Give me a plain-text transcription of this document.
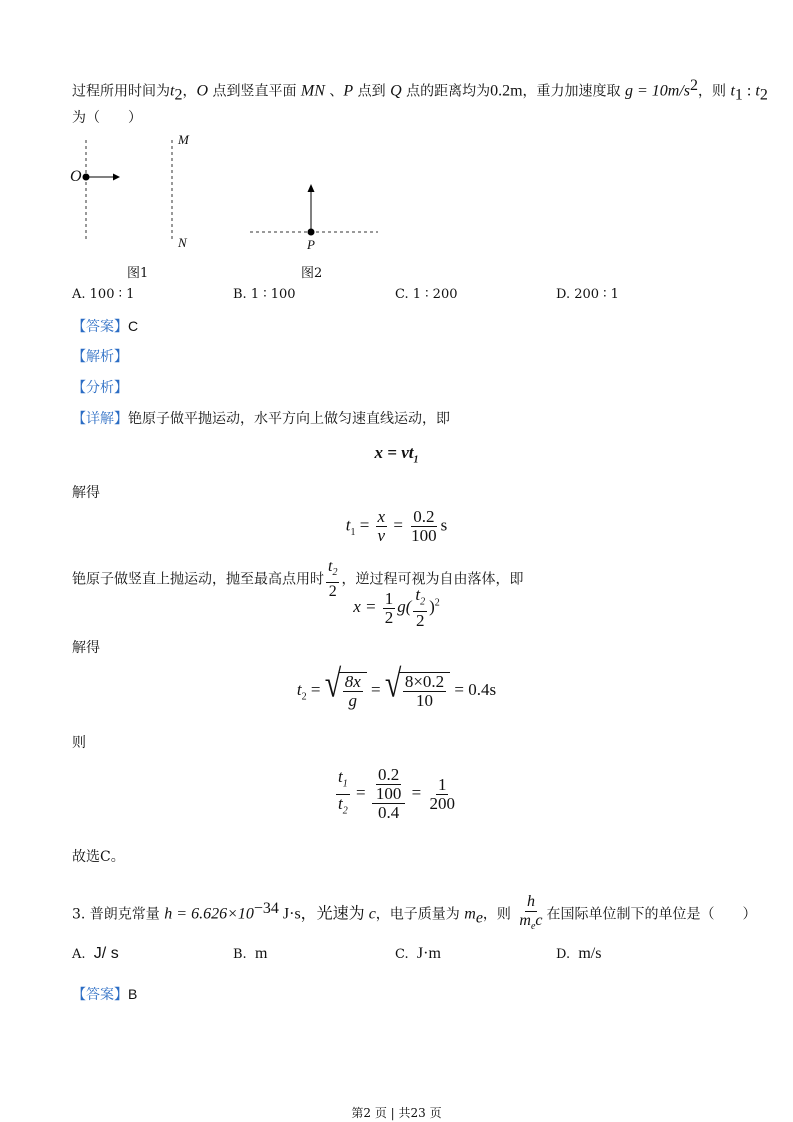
过程所用时间为$t_2$，O 点到竖直平面 MN 、P 点到 Q 点的距离均为0.2m，重力加速度取 $g = 10m/s^2$，则 $t_1$ : $t_2$
为（　　）
O
M
N	P
图1	图2
A. 100 ∶ 1	B. 1 ∶ 100	C. 1 ∶ 200	D. 200 ∶ 1
【答案】C
【解析】
【分析】
【详解】铯原子做平抛运动，水平方向上做匀速直线运动，即
$x = vt_1$
解得
$t_1 = \frac{x}{v} = \frac{0.2}{100}$ s
铯原子做竖直上抛运动，抛至最高点用时 $\frac{t_2}{2}$ ，逆过程可视为自由落体，即
$x = \frac{1}{2} g( \frac{t_2}{2} )^2$
解得
$t_2$ = √ $\frac{8x}{g}$ = √ $\frac{8\times 0.2}{10} = 0.4s$
则
$\frac{t_1}{t_2} = 0.2$
100
$0.4 = \frac{1}{200}$
故选C。
3. 普朗克常量 $h = 6.626\times 10^{-34}$ J·s，光速为 c，电子质量为 $m_e$，则
h
$m_ec$ 在国际单位制下的单位是（　　）
A. J/ s	B. m	C. J·m	D. m/s
【答案】B
第2 页 | 共23 页
